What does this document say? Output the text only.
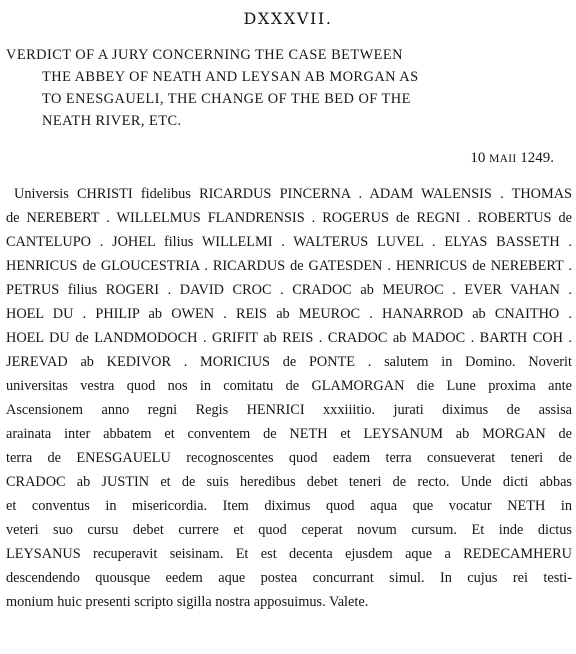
DXXXVII.
VERDICT OF A JURY CONCERNING THE CASE BETWEEN
THE ABBEY OF NEATH AND LEYSAN AB MORGAN AS
TO ENESGAUELI, THE CHANGE OF THE BED OF THE
NEATH RIVER, ETC.
10 MAII 1249.
Universis CHRISTI fidelibus RICARDUS PINCERNA . ADAM WALENSIS . THOMAS
de NEREBERT . WILLELMUS FLANDRENSIS . ROGERUS de REGNI . ROBERTUS de
CANTELUPO . JOHEL filius WILLELMI . WALTERUS LUVEL . ELYAS BASSETH .
HENRICUS de GLOUCESTRIA . RICARDUS de GATESDEN . HENRICUS de NEREBERT .
PETRUS filius ROGERI . DAVID CROC . CRADOC ab MEUROC . EVER VAHAN .
HOEL DU . PHILIP ab OWEN . REIS ab MEUROC . HANARROD ab CNAITHO .
HOEL DU de LANDMODOCH . GRIFIT ab REIS . CRADOC ab MADOC . BARTH COH .
JEREVAD ab KEDIVOR . MORICIUS de PONTE . salutem in Domino. Noverit
universitas vestra quod nos in comitatu de GLAMORGAN die Lune proxima ante
Ascensionem anno regni Regis HENRICI xxxiiitio. jurati diximus de assisa
arainata inter abbatem et conventem de NETH et LEYSANUM ab MORGAN de
terra de ENESGAUELU recognoscentes quod eadem terra consueverat teneri de
CRADOC ab JUSTIN et de suis heredibus debet teneri de recto. Unde dicti abbas
et conventus in misericordia. Item diximus quod aqua que vocatur NETH in
veteri suo cursu debet currere et quod ceperat novum cursum. Et inde dictus
LEYSANUS recuperavit seisinam. Et est decenta ejusdem aque a REDECAMHERU
descendendo quousque eedem aque postea concurrant simul. In cujus rei testi-
monium huic presenti scripto sigilla nostra apposuimus. Valete.
